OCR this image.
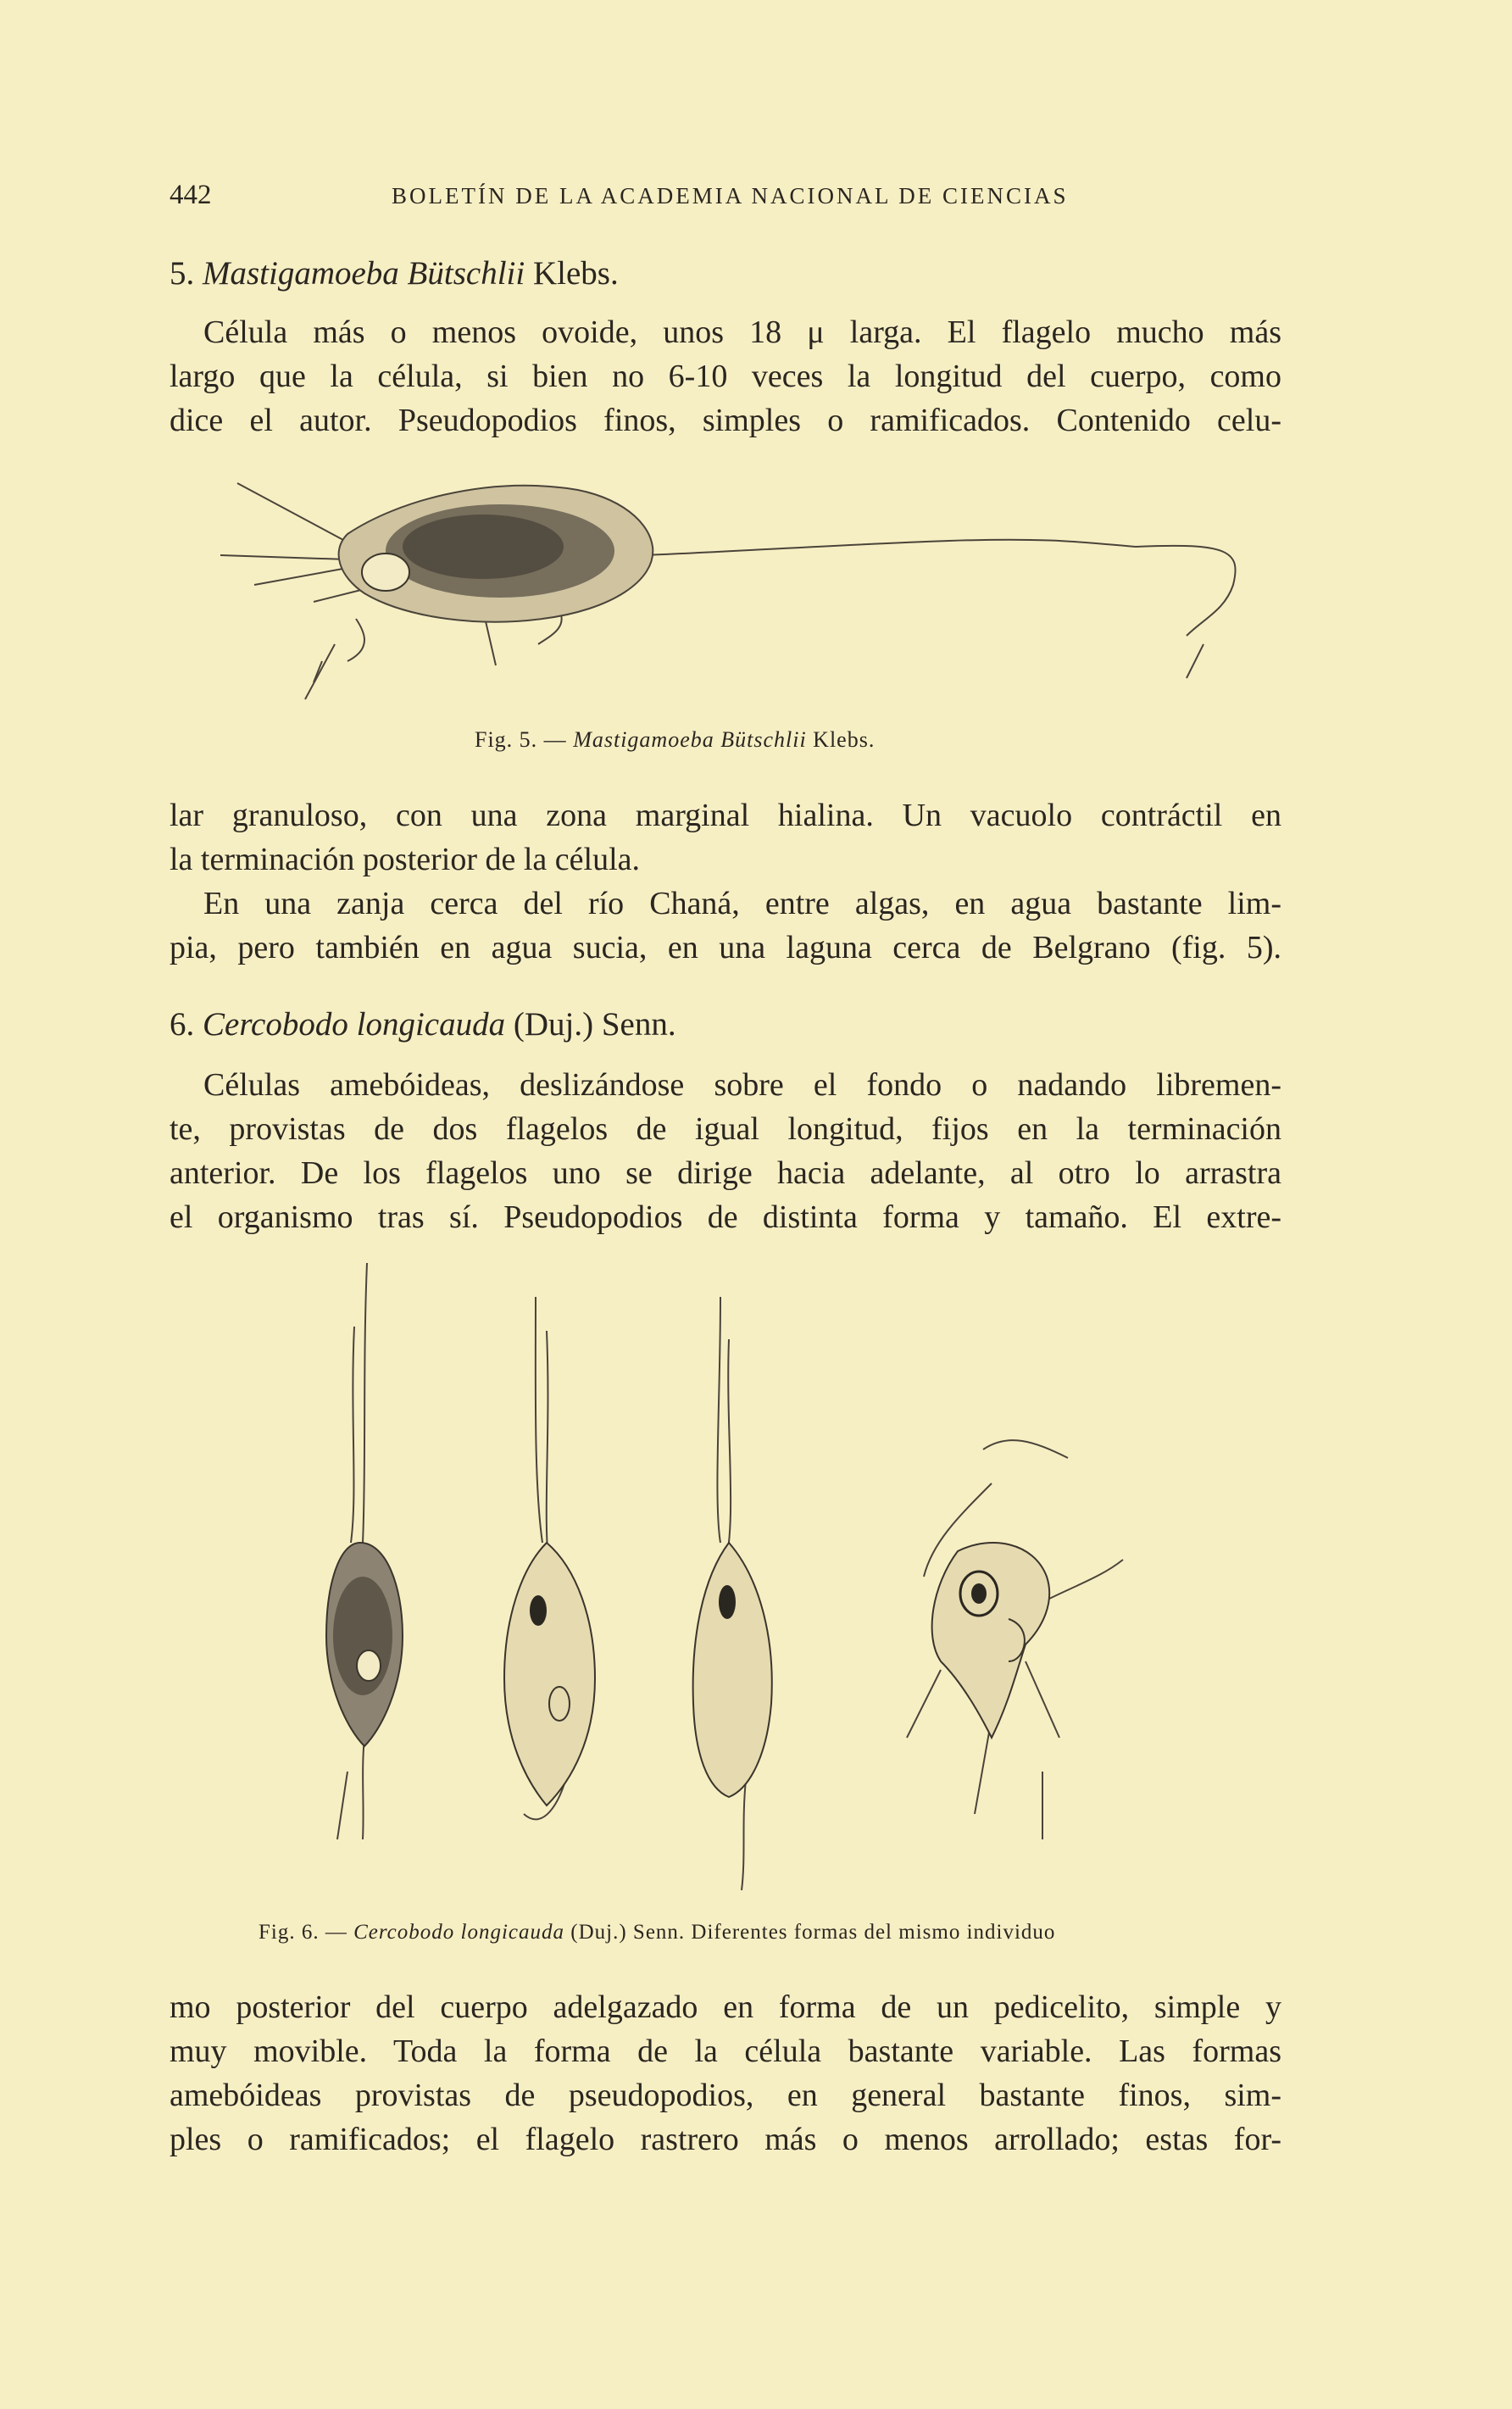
442	BOLETÍN DE LA ACADEMIA NACIONAL DE CIENCIAS
5. Mastigamoeba Bütschlii Klebs.
Célula más o menos ovoide, unos 18 μ larga. El flagelo mucho más
largo que la célula, si bien no 6-10 veces la longitud del cuerpo, como
dice el autor. Pseudopodios finos, simples o ramificados. Contenido celu-
Fig. 5. — Mastigamoeba Bütschlii Klebs.
lar granuloso, con una zona marginal hialina. Un vacuolo contráctil en
la terminación posterior de la célula.
En una zanja cerca del río Chaná, entre algas, en agua bastante lim-
pia, pero también en agua sucia, en una laguna cerca de Belgrano (fig. 5).
6. Cercobodo longicauda (Duj.) Senn.
Células amebóideas, deslizándose sobre el fondo o nadando libremen-
te, provistas de dos flagelos de igual longitud, fijos en la terminación
anterior. De los flagelos uno se dirige hacia adelante, al otro lo arrastra
el organismo tras sí. Pseudopodios de distinta forma y tamaño. El extre-
Fig. 6. — Cercobodo longicauda (Duj.) Senn. Diferentes formas del mismo individuo
mo posterior del cuerpo adelgazado en forma de un pedicelito, simple y
muy movible. Toda la forma de la célula bastante variable. Las formas
amebóideas provistas de pseudopodios, en general bastante finos, sim-
ples o ramificados; el flagelo rastrero más o menos arrollado; estas for-
